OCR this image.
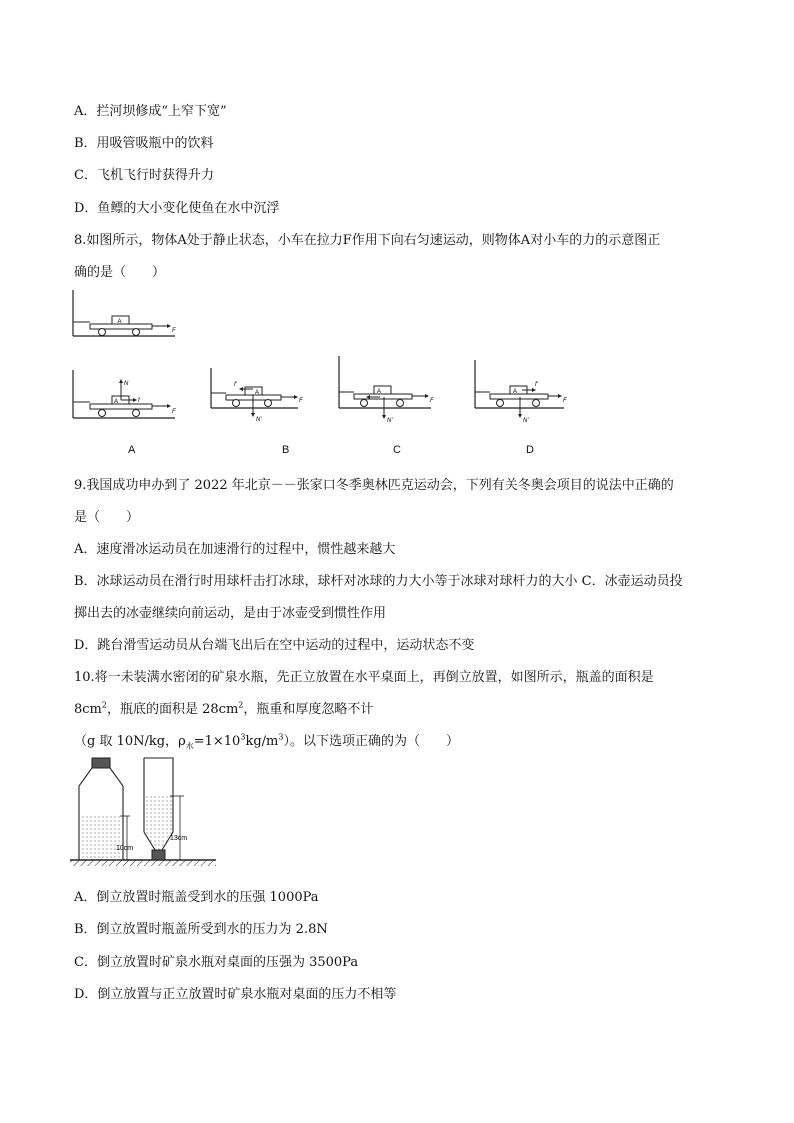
A．拦河坝修成“上窄下宽”
B．用吸管吸瓶中的饮料
C．飞机飞行时获得升力
D．鱼鳔的大小变化使鱼在水中沉浮
8.如图所示，物体A处于静止状态，小车在拉力F作用下向右匀速运动，则物体A对小车的力的示意图正
确的是（　　）
A
F
A
N
f
F
A
f'
N'
F
A
N'
F
A
f'
N'
F
A	B	C	D
9.我国成功申办到了 2022 年北京－－张家口冬季奥林匹克运动会，下列有关冬奥会项目的说法中正确的
是（　　）
A．速度滑冰运动员在加速滑行的过程中，惯性越来越大
B．冰球运动员在滑行时用球杆击打冰球，球杆对冰球的力大小等于冰球对球杆力的大小 C．冰壶运动员投
掷出去的冰壶继续向前运动，是由于冰壶受到惯性作用
D．跳台滑雪运动员从台端飞出后在空中运动的过程中，运动状态不变
10.将一未装满水密闭的矿泉水瓶，先正立放置在水平桌面上，再倒立放置，如图所示，瓶盖的面积是
$8cm^2$，瓶底的面积是 $28cm^2$，瓶重和厚度忽略不计
（g 取 10N/kg，$\rho_水=1\times 10^3kg/m^3$）。以下选项正确的为（　　）
10cm
13cm
A．倒立放置时瓶盖受到水的压强 1000Pa
B．倒立放置时瓶盖所受到水的压力为 2.8N
C．倒立放置时矿泉水瓶对桌面的压强为 3500Pa
D．倒立放置与正立放置时矿泉水瓶对桌面的压力不相等
